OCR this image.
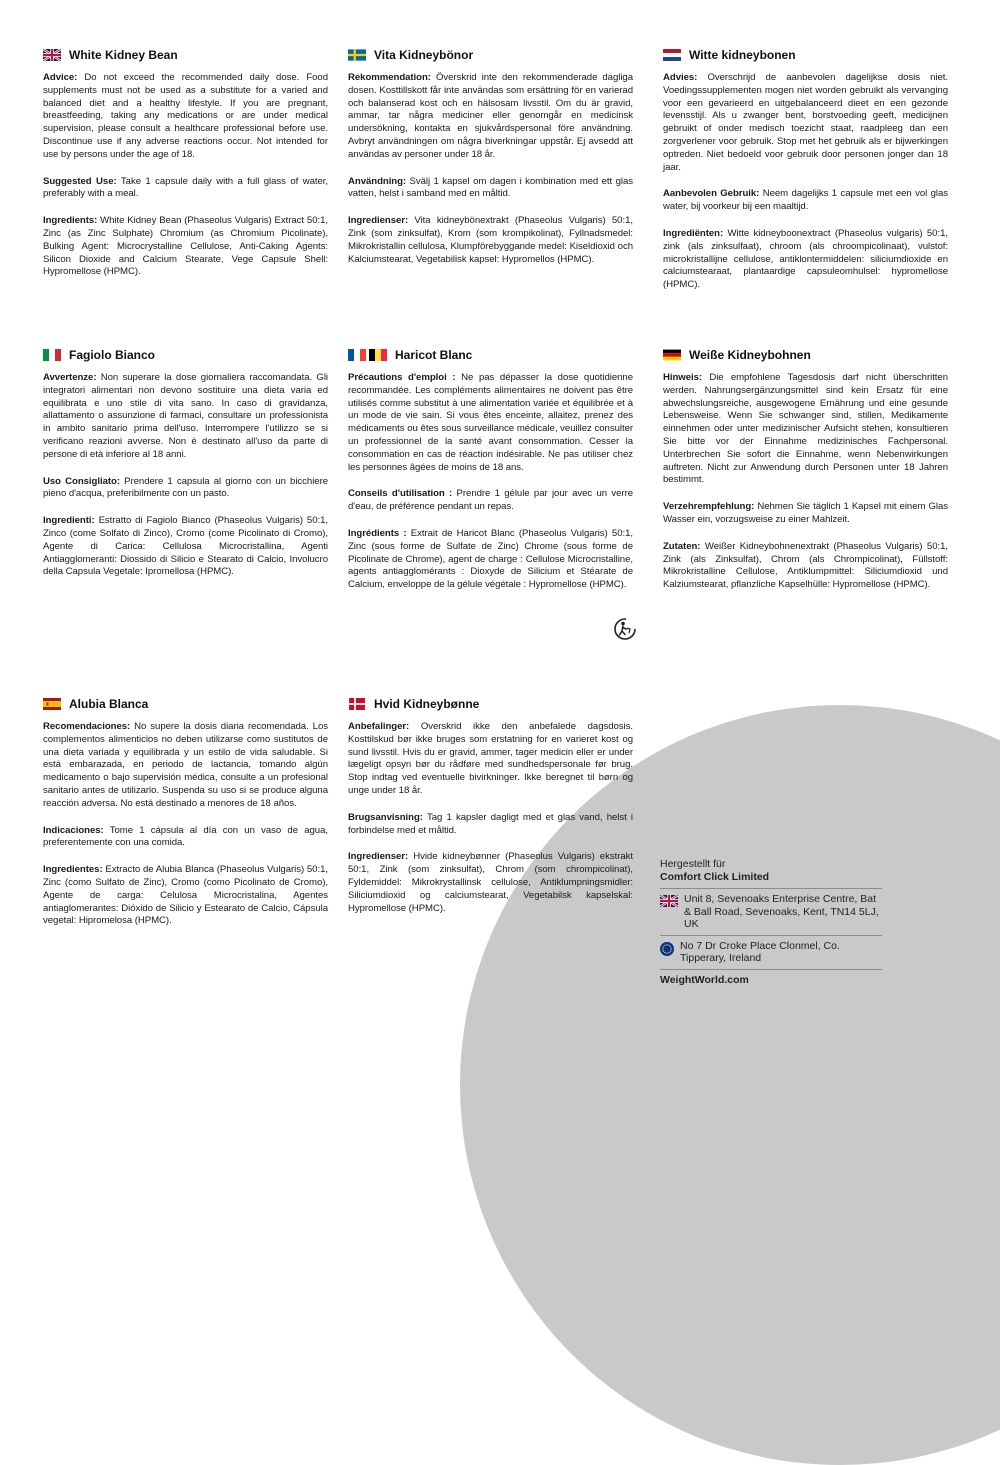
White Kidney Bean

Advice: Do not exceed the recommended daily dose. Food supplements must not be used as a substitute for a varied and balanced diet and a healthy lifestyle. If you are pregnant, breastfeeding, taking any medications or are under medical supervision, please consult a healthcare professional before use. Discontinue use if any adverse reactions occur. Not intended for use by persons under the age of 18.

Suggested Use: Take 1 capsule daily with a full glass of water, preferably with a meal.

Ingredients: White Kidney Bean (Phaseolus Vulgaris) Extract 50:1, Zinc (as Zinc Sulphate) Chromium (as Chromium Picolinate), Bulking Agent: Microcrystalline Cellulose, Anti-Caking Agents: Silicon Dioxide and Calcium Stearate, Vege Capsule Shell: Hypromellose (HPMC).

Vita Kidneybönor

Rekommendation: Överskrid inte den rekommenderade dagliga dosen. Kosttillskott får inte användas som ersättning för en varierad och balanserad kost och en hälsosam livsstil. Om du är gravid, ammar, tar några mediciner eller genomgår en medicinsk undersökning, kontakta en sjukvårdspersonal före användning. Avbryt användningen om några biverkningar uppstår. Ej avsedd att användas av personer under 18 år.

Användning: Svälj 1 kapsel om dagen i kombination med ett glas vatten, helst i samband med en måltid.

Ingredienser: Vita kidneybönextrakt (Phaseolus Vulgaris) 50:1, Zink (som zinksulfat), Krom (som krompikolinat), Fyllnadsmedel: Mikrokristallin cellulosa, Klumpförebyggande medel: Kiseldioxid och Kalciumstearat, Vegetabilisk kapsel: Hypromellos (HPMC).

Witte kidneybonen

Advies: Overschrijd de aanbevolen dagelijkse dosis niet. Voedingssupplementen mogen niet worden gebruikt als vervanging voor een gevarieerd en uitgebalanceerd dieet en een gezonde levensstijl. Als u zwanger bent, borstvoeding geeft, medicijnen gebruikt of onder medisch toezicht staat, raadpleeg dan een zorgverlener voor gebruik. Stop met het gebruik als er bijwerkingen optreden. Niet bedoeld voor gebruik door personen jonger dan 18 jaar.

Aanbevolen Gebruik: Neem dagelijks 1 capsule met een vol glas water, bij voorkeur bij een maaltijd.

Ingrediënten: Witte kidneyboonextract (Phaseolus vulgaris) 50:1, zink (als zinksulfaat), chroom (als chroompicolinaat), vulstof: microkristallijne cellulose, antiklontermiddelen: siliciumdioxide en calciumstearaat, plantaardige capsuleomhulsel: hypromellose (HPMC).

Fagiolo Bianco

Avvertenze: Non superare la dose giornaliera raccomandata. Gli integratori alimentari non devono sostituire una dieta varia ed equilibrata e uno stile di vita sano. In caso di gravidanza, allattamento o assunzione di farmaci, consultare un professionista in ambito sanitario prima dell'uso. Interrompere l'utilizzo se si verificano reazioni avverse. Non è destinato all'uso da parte di persone di età inferiore al 18 anni.

Uso Consigliato: Prendere 1 capsula al giorno con un bicchiere pieno d'acqua, preferibilmente con un pasto.

Ingredienti: Estratto di Fagiolo Bianco (Phaseolus Vulgaris) 50:1, Zinco (come Solfato di Zinco), Cromo (come Picolinato di Cromo), Agente di Carica: Cellulosa Microcristallina, Agenti Antiagglomeranti: Diossido di Silicio e Stearato di Calcio, Involucro della Capsula Vegetale: Ipromellosa (HPMC).

Haricot Blanc

Précautions d'emploi : Ne pas dépasser la dose quotidienne recommandée. Les compléments alimentaires ne doivent pas être utilisés comme substitut à une alimentation variée et équilibrée et à un mode de vie sain. Si vous êtes enceinte, allaitez, prenez des médicaments ou êtes sous surveillance médicale, veuillez consulter un professionnel de la santé avant consommation. Cesser la consommation en cas de réaction indésirable. Ne pas utiliser chez les personnes âgées de moins de 18 ans.

Conseils d'utilisation : Prendre 1 gélule par jour avec un verre d'eau, de préférence pendant un repas.

Ingrédients : Extrait de Haricot Blanc (Phaseolus Vulgaris) 50:1, Zinc (sous forme de Sulfate de Zinc) Chrome (sous forme de Picolinate de Chrome), agent de charge : Cellulose Microcristalline, agents antiagglomérants : Dioxyde de Silicium et Stéarate de Calcium, enveloppe de la gélule végétale : Hypromellose (HPMC).

Weiße Kidneybohnen

Hinweis: Die empfohlene Tagesdosis darf nicht überschritten werden. Nahrungsergänzungsmittel sind kein Ersatz für eine abwechslungsreiche, ausgewogene Ernährung und eine gesunde Lebensweise. Wenn Sie schwanger sind, stillen, Medikamente einnehmen oder unter medizinischer Aufsicht stehen, konsultieren Sie bitte vor der Einnahme medizinisches Fachpersonal. Unterbrechen Sie sofort die Einnahme, wenn Nebenwirkungen auftreten. Nicht zur Anwendung durch Personen unter 18 Jahren bestimmt.

Verzehrempfehlung: Nehmen Sie täglich 1 Kapsel mit einem Glas Wasser ein, vorzugsweise zu einer Mahlzeit.

Zutaten: Weißer Kidneybohnenextrakt (Phaseolus Vulgaris) 50:1, Zink (als Zinksulfat), Chrom (als Chrompicolinat), Füllstoff: Mikrokristalline Cellulose, Antiklumpmittel: Siliciumdioxid und Kalziumstearat, pflanzliche Kapselhülle: Hypromellose (HPMC).

Alubia Blanca

Recomendaciones: No supere la dosis diaria recomendada. Los complementos alimenticios no deben utilizarse como sustitutos de una dieta variada y equilibrada y un estilo de vida saludable. Si está embarazada, en periodo de lactancia, tomando algún medicamento o bajo supervisión médica, consulte a un profesional sanitario antes de utilizarlo. Suspenda su uso si se produce alguna reacción adversa. No está destinado a menores de 18 años.

Indicaciones: Tome 1 cápsula al día con un vaso de agua, preferentemente con una comida.

Ingredientes: Extracto de Alubia Blanca (Phaseolus Vulgaris) 50:1, Zinc (como Sulfato de Zinc), Cromo (como Picolinato de Cromo), Agente de carga: Celulosa Microcristalina, Agentes antiaglomerantes: Dióxido de Silicio y Estearato de Calcio, Cápsula vegetal: Hipromelosa (HPMC).

Hvid Kidneybønne

Anbefalinger: Overskrid ikke den anbefalede dagsdosis. Kosttilskud bør ikke bruges som erstatning for en varieret kost og sund livsstil. Hvis du er gravid, ammer, tager medicin eller er under lægeligt opsyn bør du rådføre med sundhedspersonale før brug. Stop indtag ved eventuelle bivirkninger. Ikke beregnet til børn og unge under 18 år.

Brugsanvisning: Tag 1 kapsler dagligt med et glas vand, helst i forbindelse med et måltid.

Ingredienser: Hvide kidneybønner (Phaseolus Vulgaris) ekstrakt 50:1, Zink (som zinksulfat), Chrom (som chrompicolinat), Fyldemiddel: Mikrokrystallinsk cellulose, Antiklumpningsmidler: Siliciumdioxid og calciumstearat, Vegetabilsk kapselskal: Hypromellose (HPMC).

Hergestellt für
Comfort Click Limited
Unit 8, Sevenoaks Enterprise Centre, Bat & Ball Road, Sevenoaks, Kent, TN14 5LJ, UK
No 7 Dr Croke Place Clonmel, Co. Tipperary, Ireland
WeightWorld.com
